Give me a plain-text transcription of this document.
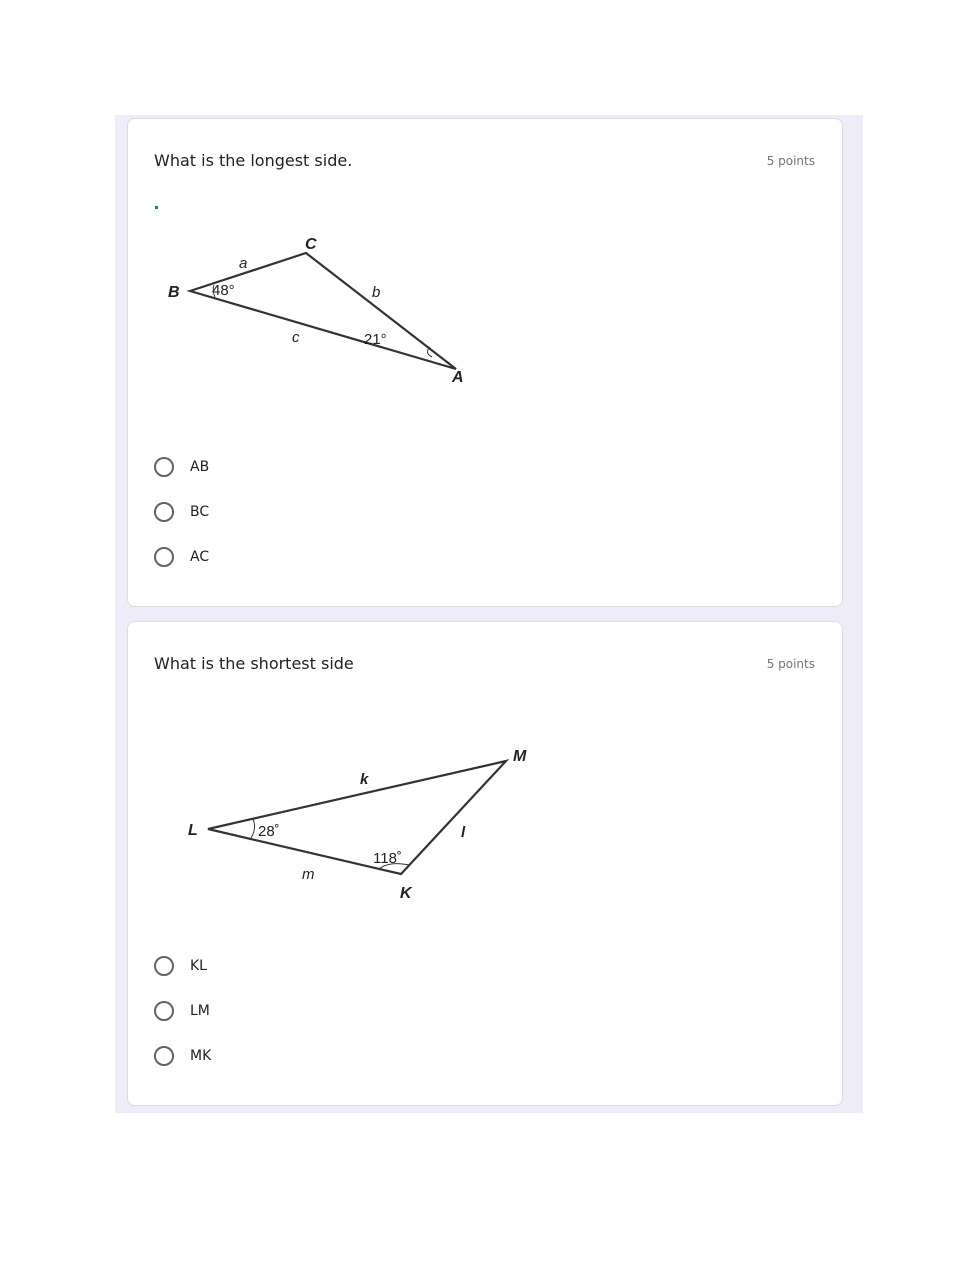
What is the longest side.	5 points
B
C
A
a
b
c
48°
21°
AB
BC
AC
What is the shortest side	5 points
L
M
K
k
l
m
28˚
118˚
KL
LM
MK
